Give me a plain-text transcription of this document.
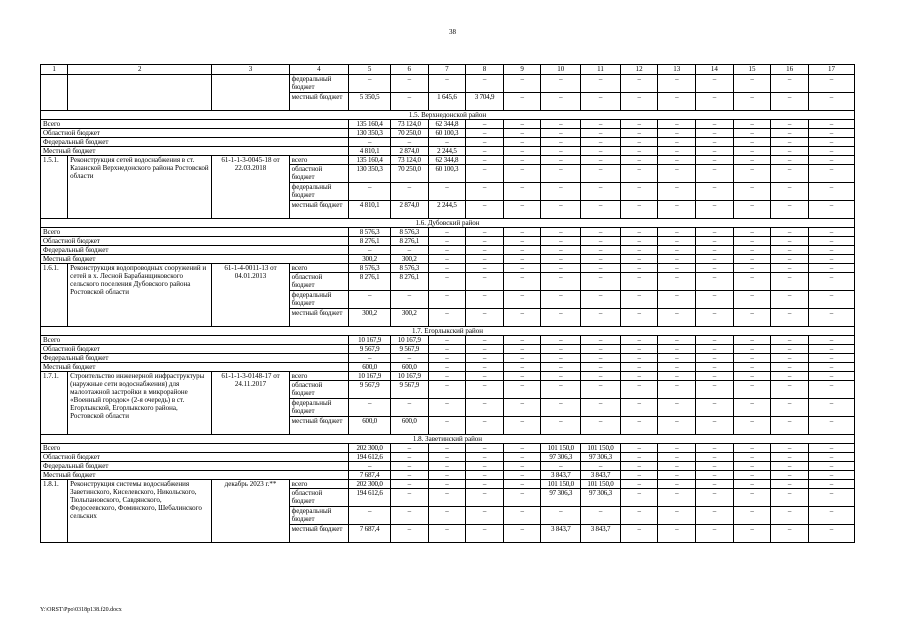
38
1	2	3	4	5	6	7	8	9	10	11	12	13	14	15	16	17
			федеральный бюджет	–	–	–	–	–	–	–	–	–	–	–	–	–
			местный бюджет	5 350,5	–	1 645,6	3 704,9	–	–	–	–	–	–	–	–	–
1.5. Верхнедонской район																
Всего				135 160,4	73 124,0	62 344,8	–	–	–	–	–	–	–	–	–	–
Областной бюджет				130 350,3	70 250,0	60 100,3	–	–	–	–	–	–	–	–	–	–
Федеральный бюджет				–	–	–	–	–	–	–	–	–	–	–	–	–
Местный бюджет				4 810,1	2 874,0	2 244,5	–	–	–	–	–	–	–	–	–	–
1.5.1.	Реконструкция сетей водоснабжения в ст. Казанской Верхнедонского района Ростовской области	61-1-1-3-0045-18 от 22.03.2018	всего	135 160,4	73 124,0	62 344,8	–	–	–	–	–	–	–	–	–	–
			областной бюджет	130 350,3	70 250,0	60 100,3	–	–	–	–	–	–	–	–	–	–
			федеральный бюджет	–	–	–	–	–	–	–	–	–	–	–	–	–
			местный бюджет	4 810,1	2 874,0	2 244,5	–	–	–	–	–	–	–	–	–	–
1.6. Дубовский район																
Всего				8 576,3	8 576,3	–	–	–	–	–	–	–	–	–	–	–
Областной бюджет				8 276,1	8 276,1	–	–	–	–	–	–	–	–	–	–	–
Федеральный бюджет				–	–	–	–	–	–	–	–	–	–	–	–	–
Местный бюджет				300,2	300,2	–	–	–	–	–	–	–	–	–	–	–
1.6.1.	Реконструкция водопроводных сооружений и сетей в х. Лесной Барабанщиковского сельского поселения Дубовского района Ростовской области	61-1-4-0011-13 от 04.01.2013	всего	8 576,3	8 576,3	–	–	–	–	–	–	–	–	–	–	–
			областной бюджет	8 276,1	8 276,1	–	–	–	–	–	–	–	–	–	–	–
			федеральный бюджет	–	–	–	–	–	–	–	–	–	–	–	–	–
			местный бюджет	300,2	300,2	–	–	–	–	–	–	–	–	–	–	–
1.7. Егорлыкский район																
Всего				10 167,9	10 167,9	–	–	–	–	–	–	–	–	–	–	–
Областной бюджет				9 567,9	9 567,9	–	–	–	–	–	–	–	–	–	–	–
Федеральный бюджет				–	–	–	–	–	–	–	–	–	–	–	–	–
Местный бюджет				600,0	600,0	–	–	–	–	–	–	–	–	–	–	–
1.7.1.	Строительство инженерной инфраструктуры (наружные сети водоснабжения) для малоэтажной застройки в микрорайоне «Военный городок» (2-я очередь) в ст. Егорлыкской, Егорлыкского района, Ростовской области	61-1-1-3-0148-17 от 24.11.2017	всего	10 167,9	10 167,9	–	–	–	–	–	–	–	–	–	–	–
			областной бюджет	9 567,9	9 567,9	–	–	–	–	–	–	–	–	–	–	–
			федеральный бюджет	–	–	–	–	–	–	–	–	–	–	–	–	–
			местный бюджет	600,0	600,0	–	–	–	–	–	–	–	–	–	–	–
1.8. Заветинский район																
Всего				202 300,0	–	–	–	–	101 150,0	101 150,0	–	–	–	–	–	–
Областной бюджет				194 612,6	–	–	–	–	97 306,3	97 306,3	–	–	–	–	–	–
Федеральный бюджет				–	–	–	–	–	–	–	–	–	–	–	–	–
Местный бюджет				7 687,4	–	–	–	–	3 843,7	3 843,7	–	–	–	–	–	–
1.8.1.	Реконструкция системы водоснабжения Заветинского, Киселевского, Никольского, Тюльпановского, Савдянского, Федосеевского, Фоминского, Шебалинского сельских	декабрь 2023 г.**	всего	202 300,0	–	–	–	–	101 150,0	101 150,0	–	–	–	–	–	–
			областной бюджет	194 612,6	–	–	–	–	97 306,3	97 306,3	–	–	–	–	–	–
			федеральный бюджет	–	–	–	–	–	–	–	–	–	–	–	–	–
			местный бюджет	7 687,4	–	–	–	–	3 843,7	3 843,7	–	–	–	–	–	–
Y:\ORST\Ppo\0318p138.f20.docx
